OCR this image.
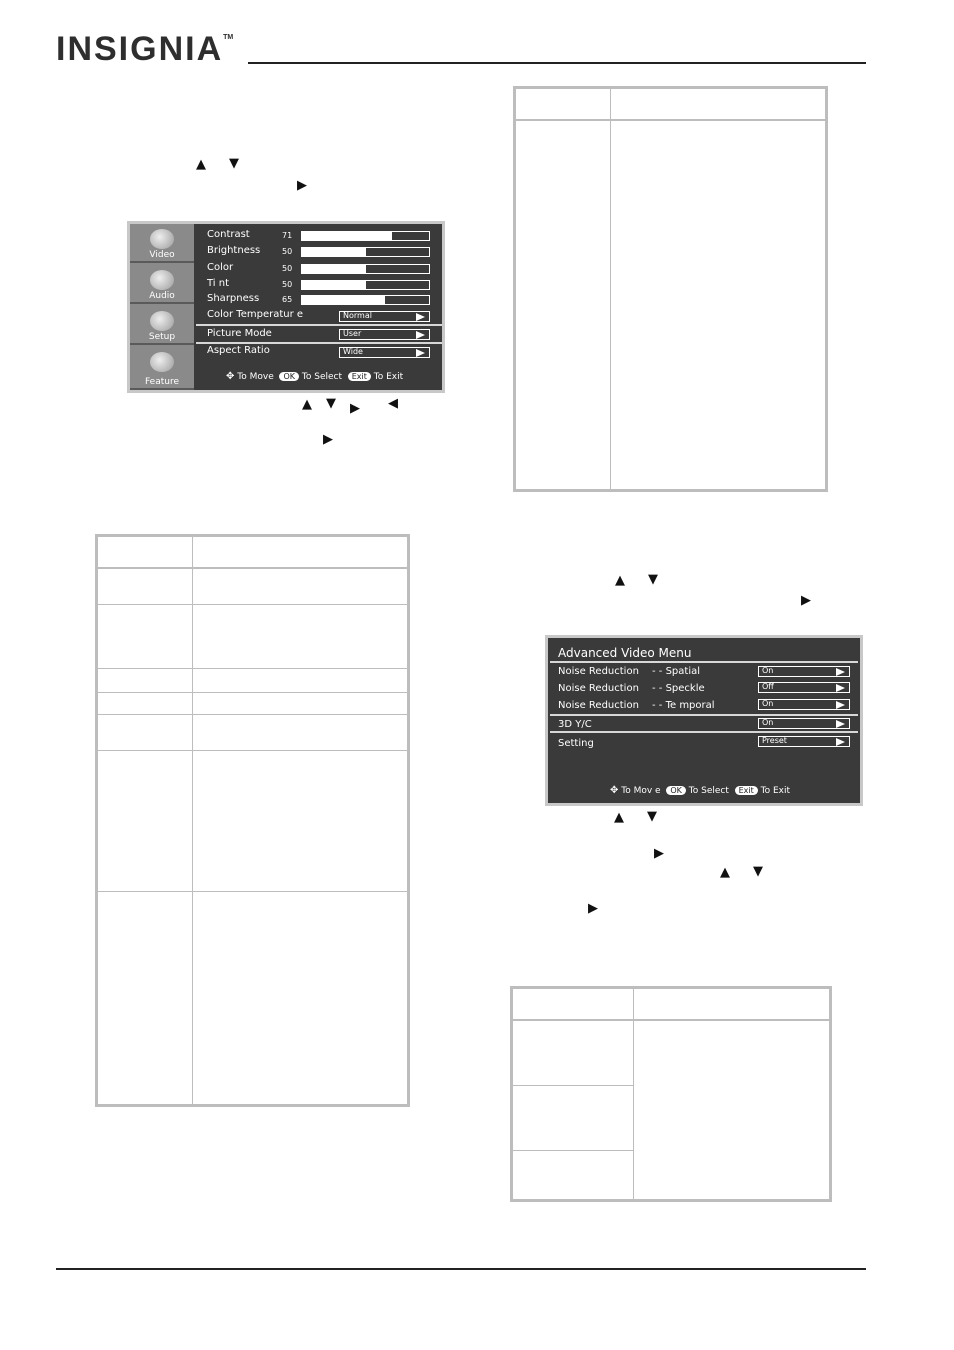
INSIGNIA™
▲ ▼
▶
Video
Audio
Setup
Feature
Contrast	71
Brightness	50
Color	50
Ti nt	50
Sharpness	65
Color Temperatur e	Normal
Picture Mode	User
Aspect Ratio	Wide
✥ To Move OK To Select Exit To Exit
▲ ▼ ▶ ◀
▶
▲ ▼
▶
Advanced Video Menu
Noise Reduction - - Spatial	On
Noise Reduction - - Speckle	Off
Noise Reduction - - Te mporal	On
3D Y/C	On
Setting	Preset
✥ To Mov e OK To Select Exit To Exit
▲ ▼
▶
▲ ▼
▶
